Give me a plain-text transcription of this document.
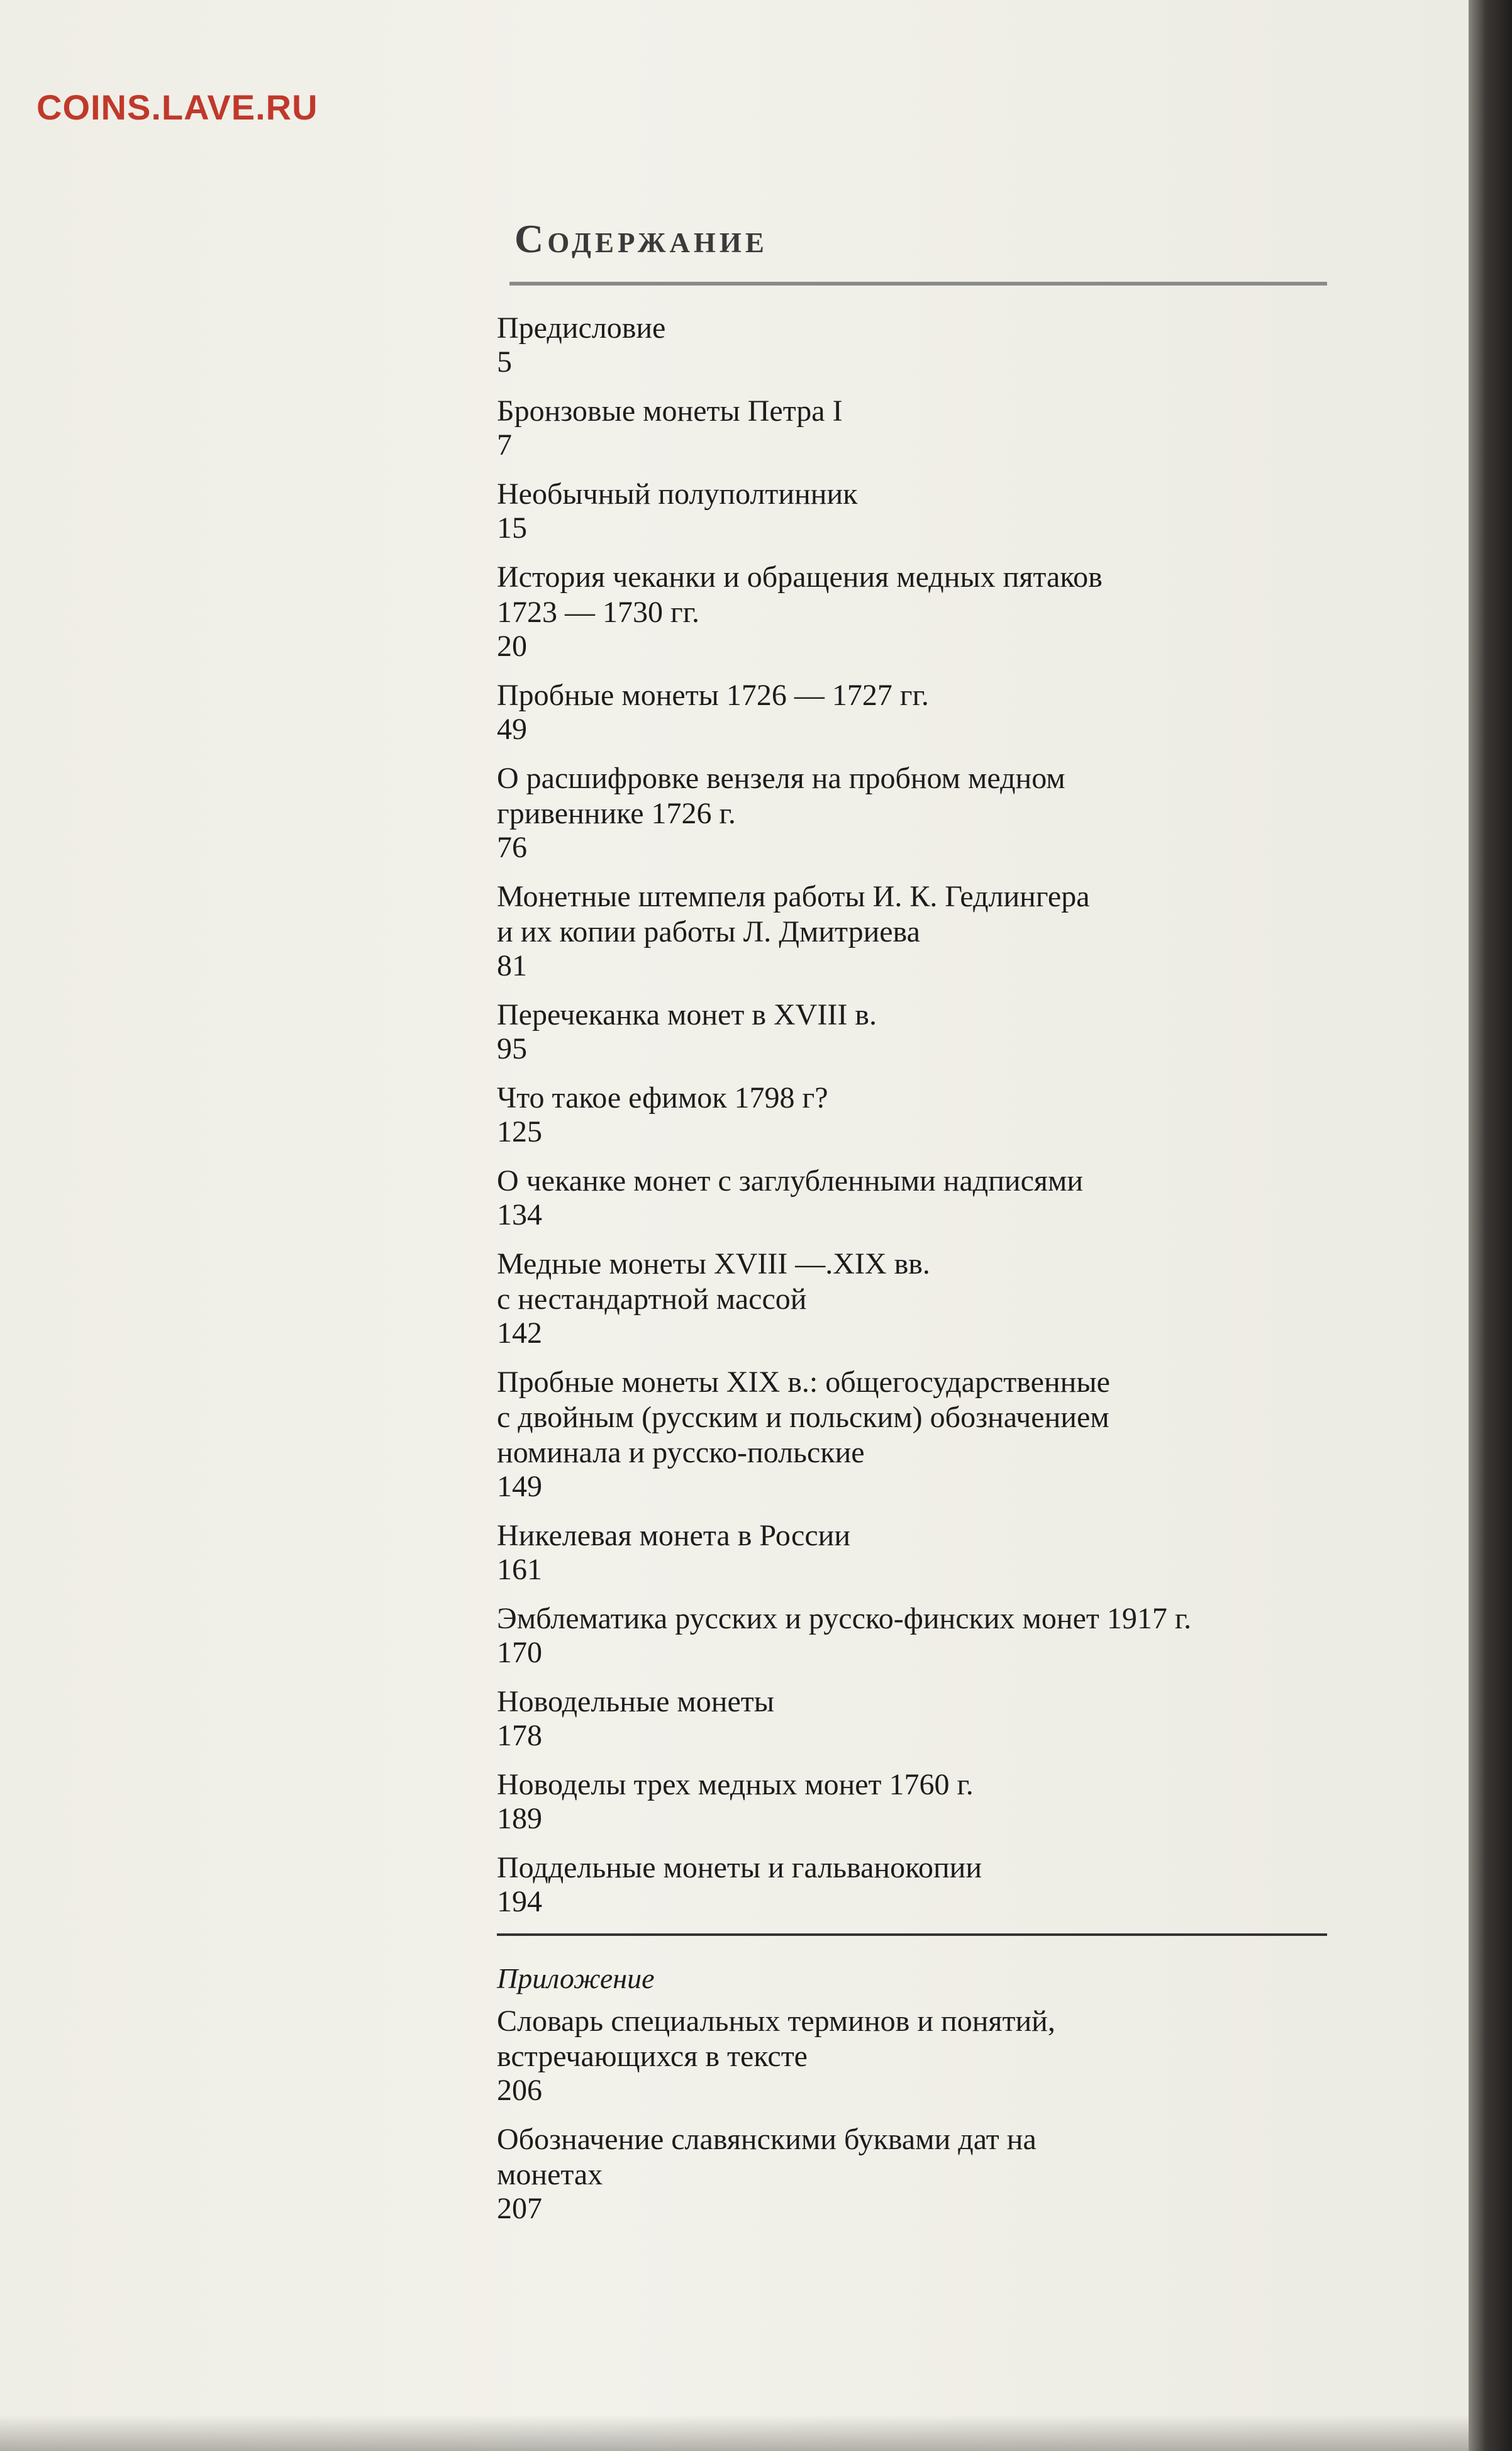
COINS.LAVE.RU
Содержание
Предисловие
5
Бронзовые монеты Петра I
7
Необычный полуполтинник
15
История чеканки и обращения медных пятаков
1723 — 1730 гг.
20
Пробные монеты 1726 — 1727 гг.
49
О расшифровке вензеля на пробном медном
гривеннике 1726 г.
76
Монетные штемпеля работы И. К. Гедлингера
и их копии работы Л. Дмитриева
81
Перечеканка монет в XVIII в.
95
Что такое ефимок 1798 г?
125
О чеканке монет с заглубленными надписями
134
Медные монеты XVIII —.XIX вв.
с нестандартной массой
142
Пробные монеты XIX в.: общегосударственные
с двойным (русским и польским) обозначением
номинала и русско-польские
149
Никелевая монета в России
161
Эмблематика русских и русско-финских монет 1917 г.
170
Новодельные монеты
178
Новоделы трех медных монет 1760 г.
189
Поддельные монеты и гальванокопии
194
Приложение
Словарь специальных терминов и понятий,
встречающихся в тексте
206
Обозначение славянскими буквами дат на
монетах
207
